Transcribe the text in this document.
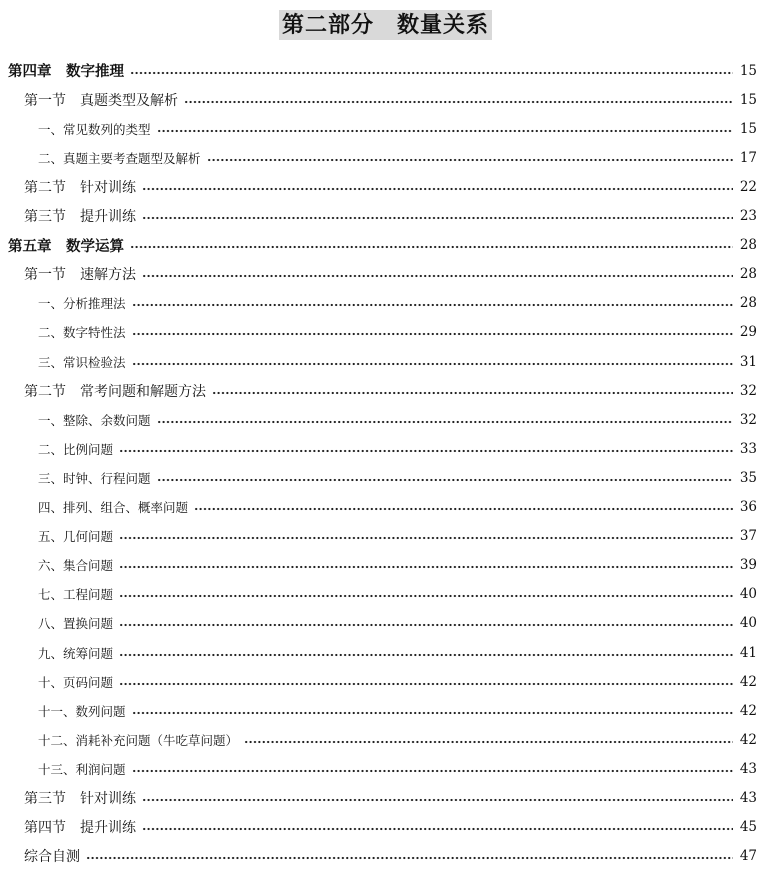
第二部分　数量关系
第四章　数字推理	15
第一节　真题类型及解析	15
一、常见数列的类型	15
二、真题主要考查题型及解析	17
第二节　针对训练	22
第三节　提升训练	23
第五章　数学运算	28
第一节　速解方法	28
一、分析推理法	28
二、数字特性法	29
三、常识检验法	31
第二节　常考问题和解题方法	32
一、整除、余数问题	32
二、比例问题	33
三、时钟、行程问题	35
四、排列、组合、概率问题	36
五、几何问题	37
六、集合问题	39
七、工程问题	40
八、置换问题	40
九、统筹问题	41
十、页码问题	42
十一、数列问题	42
十二、消耗补充问题（牛吃草问题）	42
十三、利润问题	43
第三节　针对训练	43
第四节　提升训练	45
综合自测	47
